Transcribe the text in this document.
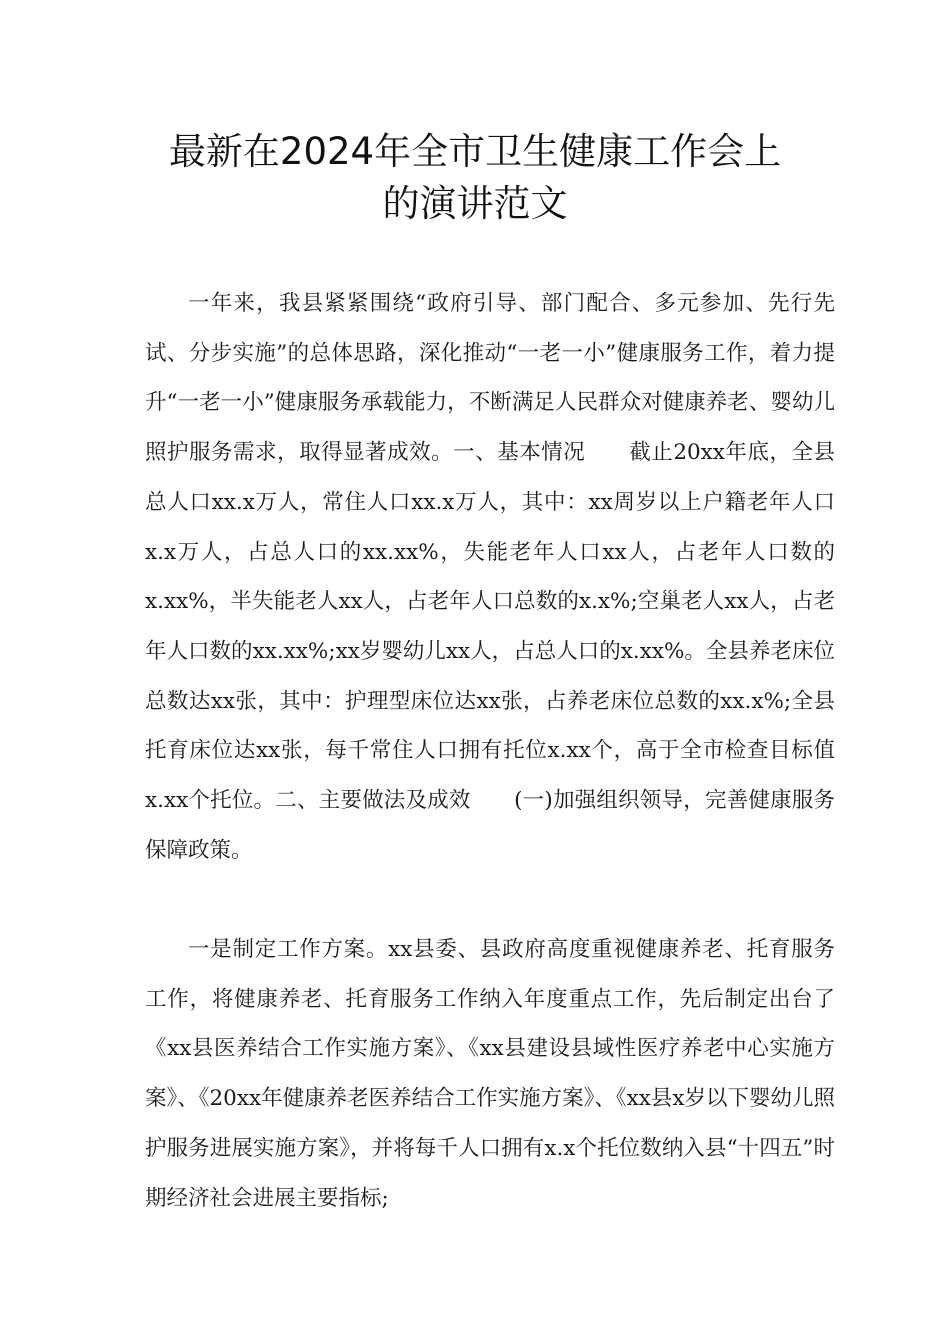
最新在2024年全市卫生健康工作会上
的演讲范文

一年来，我县紧紧围绕“政府引导、部门配合、多元参加、先行先试、分步实施”的总体思路，深化推动“一老一小”健康服务工作，着力提升“一老一小”健康服务承载能力，不断满足人民群众对健康养老、婴幼儿照护服务需求，取得显著成效。一、基本情况　　截止20xx年底，全县总人口xx.x万人，常住人口xx.x万人，其中：xx周岁以上户籍老年人口x.x万人，占总人口的xx.xx%，失能老年人口xx人，占老年人口数的x.xx%，半失能老人xx人，占老年人口总数的x.x%;空巢老人xx人，占老年人口数的xx.xx%;xx岁婴幼儿xx人，占总人口的x.xx%。全县养老床位总数达xx张，其中：护理型床位达xx张，占养老床位总数的xx.x%;全县托育床位达xx张，每千常住人口拥有托位x.xx个，高于全市检查目标值x.xx个托位。二、主要做法及成效　　(一)加强组织领导，完善健康服务保障政策。

一是制定工作方案。xx县委、县政府高度重视健康养老、托育服务工作，将健康养老、托育服务工作纳入年度重点工作，先后制定出台了《xx县医养结合工作实施方案》、《xx县建设县域性医疗养老中心实施方案》、《20xx年健康养老医养结合工作实施方案》、《xx县x岁以下婴幼儿照护服务进展实施方案》，并将每千人口拥有x.x个托位数纳入县“十四五”时期经济社会进展主要指标;
